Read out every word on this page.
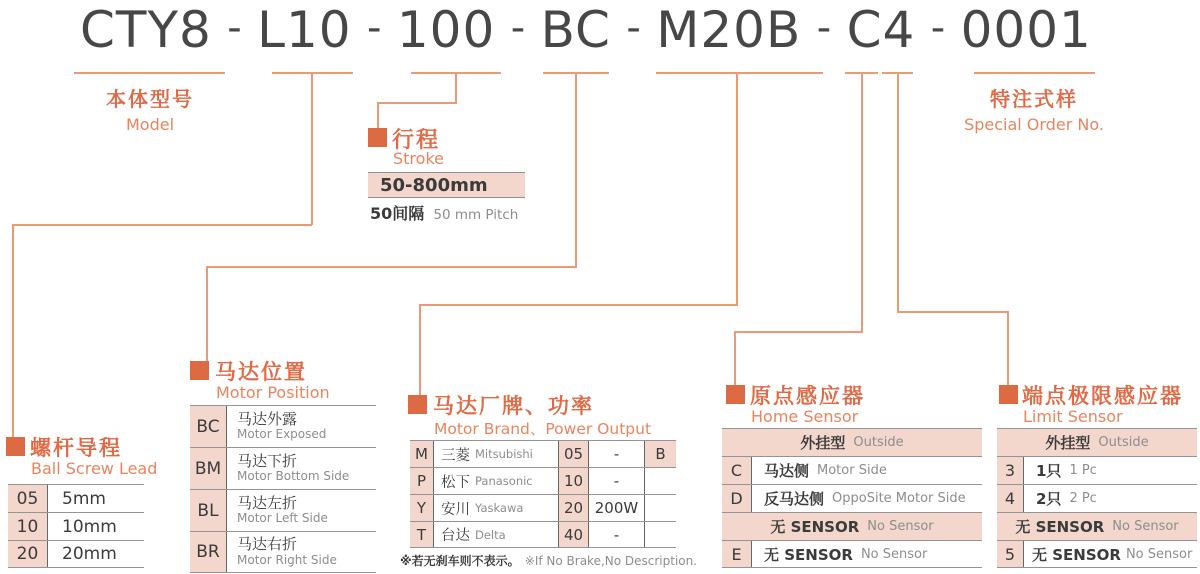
CTY8 - L10 - 100 - BC - M20B - C4 - 0001
本体型号
Model
特注式样
Special Order No.
行程
Stroke
50-800mm
50间隔 50 mm Pitch
螺杆导程
Ball Screw Lead
05	5mm
10	10mm
20	20mm
马达位置
Motor Position
BC	马达外露
Motor Exposed
BM	马达下折
Motor Bottom Side
BL	马达左折
Motor Left Side
BR	马达右折
Motor Right Side
马达厂牌、功率
Motor Brand、Power Output
M 三菱 Mitsubishi	05	-	B
P	松下 Panasonic	10	-
Y	安川 Yaskawa	20 200W
T	台达 Delta	40	-
※若无刹车则不表示。 ※If No Brake,No Description.
原点感应器
Home Sensor
外挂型 Outside
C	马达侧 Motor Side
D	反马达侧 OppoSite Motor Side
无 SENSOR No Sensor
E	无 SENSOR No Sensor
端点极限感应器
Limit Sensor
外挂型 Outside
3	1只 1 Pc
4	2只 2 Pc
无 SENSOR No Sensor
5	无 SENSOR No Sensor
